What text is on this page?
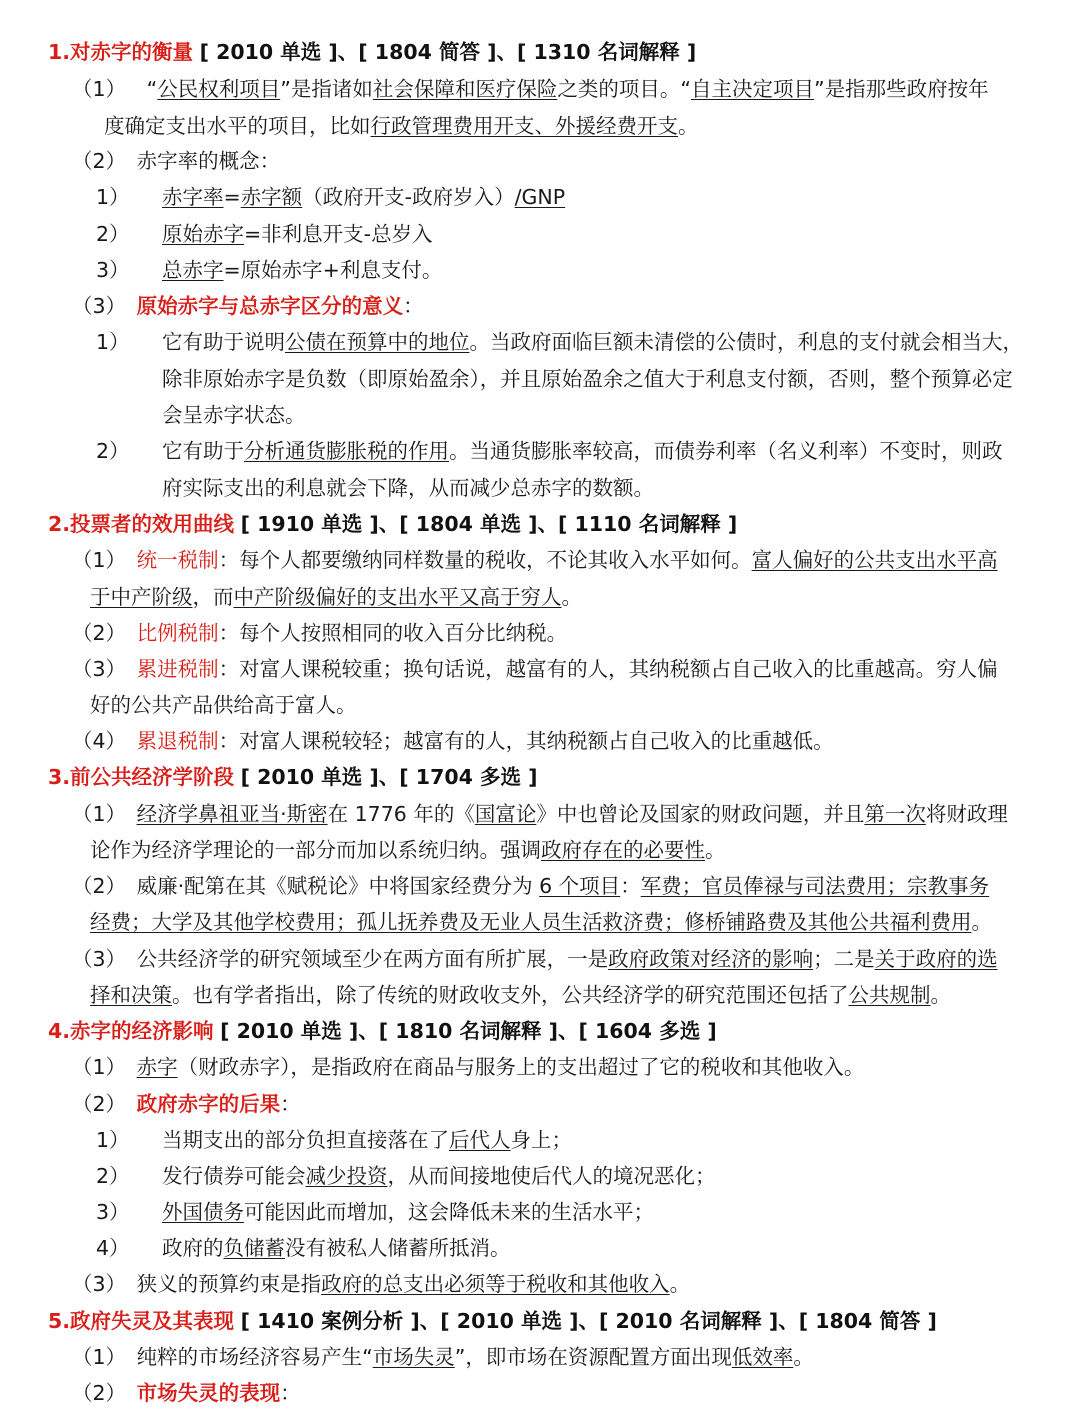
1.对赤字的衡量 [ 2010 单选 ]、[ 1804 简答 ]、[ 1310 名词解释 ]
（1） “公民权利项目”是指诸如社会保障和医疗保险之类的项目。“自主决定项目”是指那些政府按年
度确定支出水平的项目，比如行政管理费用开支、外援经费开支。
（2） 赤字率的概念：
1） 赤字率=赤字额（政府开支-政府岁入）/GNP
2） 原始赤字=非利息开支-总岁入
3） 总赤字=原始赤字+利息支付。
（3） 原始赤字与总赤字区分的意义：
1） 它有助于说明公债在预算中的地位。当政府面临巨额未清偿的公债时，利息的支付就会相当大，
除非原始赤字是负数（即原始盈余），并且原始盈余之值大于利息支付额，否则，整个预算必定
会呈赤字状态。
2） 它有助于分析通货膨胀税的作用。当通货膨胀率较高，而债券利率（名义利率）不变时，则政
府实际支出的利息就会下降，从而减少总赤字的数额。
2.投票者的效用曲线 [ 1910 单选 ]、[ 1804 单选 ]、[ 1110 名词解释 ]
（1） 统一税制：每个人都要缴纳同样数量的税收，不论其收入水平如何。富人偏好的公共支出水平高
于中产阶级，而中产阶级偏好的支出水平又高于穷人。
（2） 比例税制：每个人按照相同的收入百分比纳税。
（3） 累进税制：对富人课税较重；换句话说，越富有的人，其纳税额占自己收入的比重越高。穷人偏
好的公共产品供给高于富人。
（4） 累退税制：对富人课税较轻；越富有的人，其纳税额占自己收入的比重越低。
3.前公共经济学阶段 [ 2010 单选 ]、[ 1704 多选 ]
（1） 经济学鼻祖亚当·斯密在 1776 年的《国富论》中也曾论及国家的财政问题，并且第一次将财政理
论作为经济学理论的一部分而加以系统归纳。强调政府存在的必要性。
（2） 威廉·配第在其《赋税论》中将国家经费分为 6 个项目：军费；官员俸禄与司法费用；宗教事务
经费；大学及其他学校费用；孤儿抚养费及无业人员生活救济费；修桥铺路费及其他公共福利费用。
（3） 公共经济学的研究领域至少在两方面有所扩展，一是政府政策对经济的影响；二是关于政府的选
择和决策。也有学者指出，除了传统的财政收支外，公共经济学的研究范围还包括了公共规制。
4.赤字的经济影响 [ 2010 单选 ]、[ 1810 名词解释 ]、[ 1604 多选 ]
（1） 赤字（财政赤字），是指政府在商品与服务上的支出超过了它的税收和其他收入。
（2） 政府赤字的后果：
1） 当期支出的部分负担直接落在了后代人身上；
2） 发行债券可能会减少投资，从而间接地使后代人的境况恶化；
3） 外国债务可能因此而增加，这会降低未来的生活水平；
4） 政府的负储蓄没有被私人储蓄所抵消。
（3） 狭义的预算约束是指政府的总支出必须等于税收和其他收入。
5.政府失灵及其表现 [ 1410 案例分析 ]、[ 2010 单选 ]、[ 2010 名词解释 ]、[ 1804 简答 ]
（1） 纯粹的市场经济容易产生“市场失灵”，即市场在资源配置方面出现低效率。
（2） 市场失灵的表现：
